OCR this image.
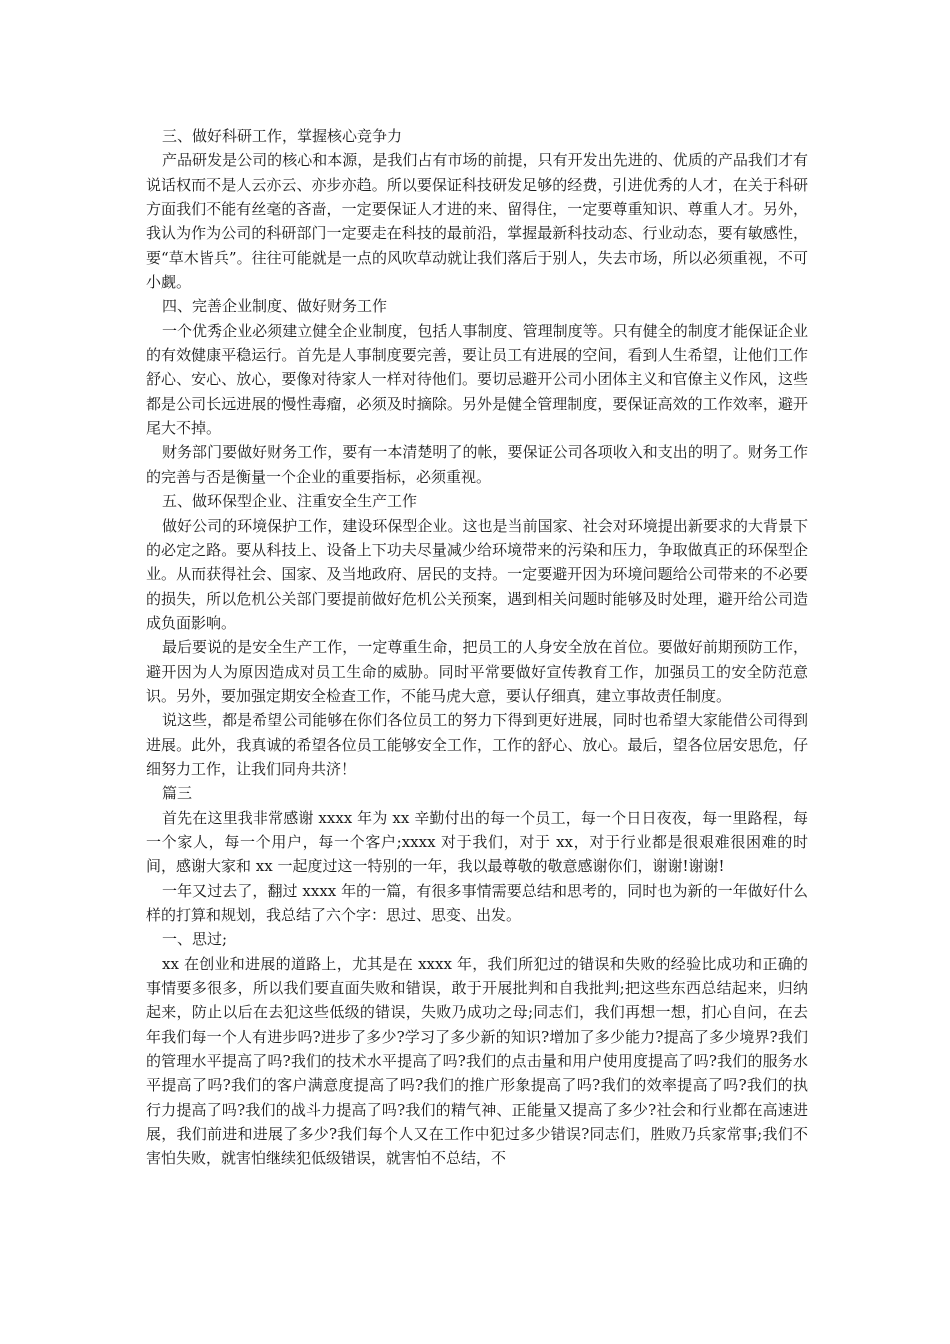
三、做好科研工作，掌握核心竞争力

产品研发是公司的核心和本源，是我们占有市场的前提，只有开发出先进的、优质的产品我们才有说话权而不是人云亦云、亦步亦趋。所以要保证科技研发足够的经费，引进优秀的人才，在关于科研方面我们不能有丝毫的吝啬，一定要保证人才进的来、留得住，一定要尊重知识、尊重人才。另外，我认为作为公司的科研部门一定要走在科技的最前沿，掌握最新科技动态、行业动态，要有敏感性，要“草木皆兵”。往往可能就是一点的风吹草动就让我们落后于别人，失去市场，所以必须重视，不可小觑。

四、完善企业制度、做好财务工作

一个优秀企业必须建立健全企业制度，包括人事制度、管理制度等。只有健全的制度才能保证企业的有效健康平稳运行。首先是人事制度要完善，要让员工有进展的空间，看到人生希望，让他们工作舒心、安心、放心，要像对待家人一样对待他们。要切忌避开公司小团体主义和官僚主义作风，这些都是公司长远进展的慢性毒瘤，必须及时摘除。另外是健全管理制度，要保证高效的工作效率，避开尾大不掉。

财务部门要做好财务工作，要有一本清楚明了的帐，要保证公司各项收入和支出的明了。财务工作的完善与否是衡量一个企业的重要指标，必须重视。

五、做环保型企业、注重安全生产工作

做好公司的环境保护工作，建设环保型企业。这也是当前国家、社会对环境提出新要求的大背景下的必定之路。要从科技上、设备上下功夫尽量减少给环境带来的污染和压力，争取做真正的环保型企业。从而获得社会、国家、及当地政府、居民的支持。一定要避开因为环境问题给公司带来的不必要的损失，所以危机公关部门要提前做好危机公关预案，遇到相关问题时能够及时处理，避开给公司造成负面影响。

最后要说的是安全生产工作，一定尊重生命，把员工的人身安全放在首位。要做好前期预防工作，避开因为人为原因造成对员工生命的威胁。同时平常要做好宣传教育工作，加强员工的安全防范意识。另外，要加强定期安全检查工作，不能马虎大意，要认仔细真，建立事故责任制度。

说这些，都是希望公司能够在你们各位员工的努力下得到更好进展，同时也希望大家能借公司得到进展。此外，我真诚的希望各位员工能够安全工作，工作的舒心、放心。最后，望各位居安思危，仔细努力工作，让我们同舟共济！

篇三

首先在这里我非常感谢 xxxx 年为 xx 辛勤付出的每一个员工，每一个日日夜夜，每一里路程，每一个家人，每一个用户，每一个客户;xxxx 对于我们，对于 xx，对于行业都是很艰难很困难的时间，感谢大家和 xx 一起度过这一特别的一年，我以最尊敬的敬意感谢你们，谢谢!谢谢!

一年又过去了，翻过 xxxx 年的一篇，有很多事情需要总结和思考的，同时也为新的一年做好什么样的打算和规划，我总结了六个字：思过、思变、出发。

一、思过;

xx 在创业和进展的道路上，尤其是在 xxxx 年，我们所犯过的错误和失败的经验比成功和正确的事情要多很多，所以我们要直面失败和错误，敢于开展批判和自我批判;把这些东西总结起来，归纳起来，防止以后在去犯这些低级的错误，失败乃成功之母;同志们，我们再想一想，扪心自问，在去年我们每一个人有进步吗?进步了多少?学习了多少新的知识?增加了多少能力?提高了多少境界?我们的管理水平提高了吗?我们的技术水平提高了吗?我们的点击量和用户使用度提高了吗?我们的服务水平提高了吗?我们的客户满意度提高了吗?我们的推广形象提高了吗?我们的效率提高了吗?我们的执行力提高了吗?我们的战斗力提高了吗?我们的精气神、正能量又提高了多少?社会和行业都在高速进展，我们前进和进展了多少?我们每个人又在工作中犯过多少错误?同志们，胜败乃兵家常事;我们不害怕失败，就害怕继续犯低级错误，就害怕不总结，不
